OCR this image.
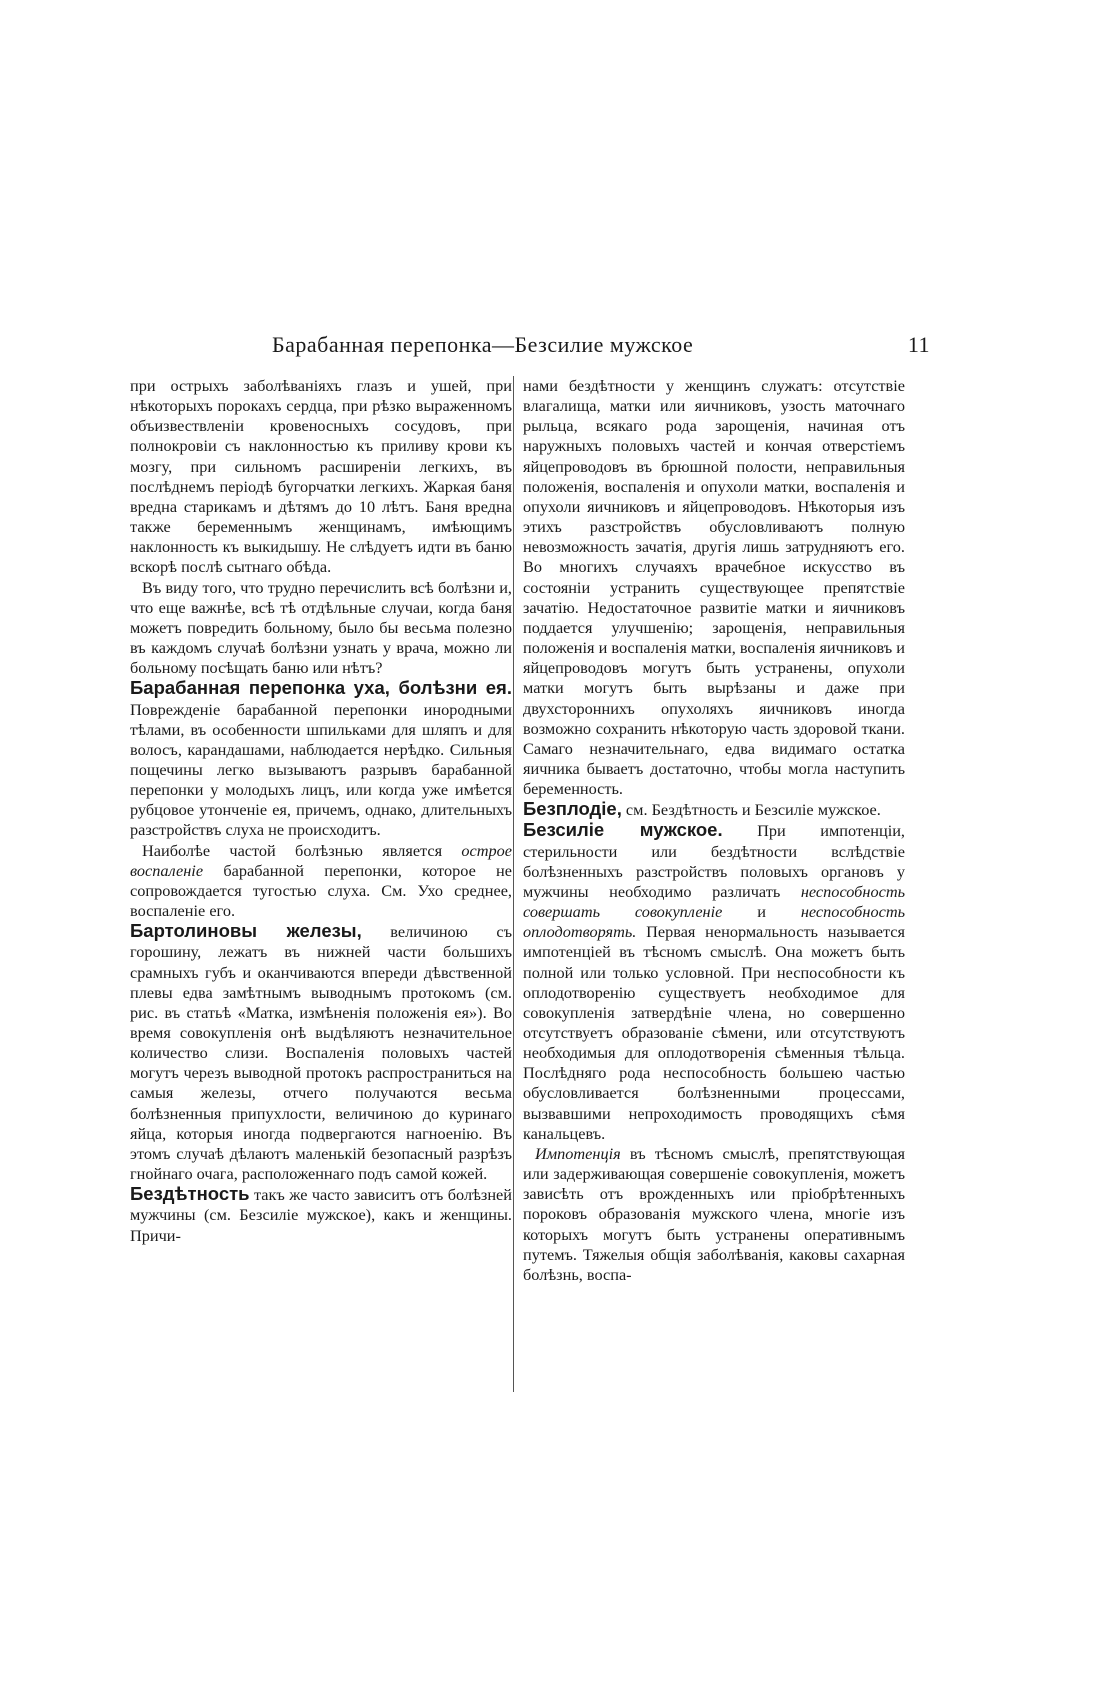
Барабанная перепонка—Безсилие мужское	11

при острыхъ заболѣваніяхъ глазъ и ушей, при нѣкоторыхъ порокахъ сердца, при рѣзко выраженномъ объизвествленіи кровеносныхъ сосудовъ, при полнокровіи съ наклонностью къ приливу крови къ мозгу, при сильномъ расширеніи легкихъ, въ послѣднемъ періодѣ бугорчатки легкихъ. Жаркая баня вредна старикамъ и дѣтямъ до 10 лѣтъ. Баня вредна также беременнымъ женщинамъ, имѣющимъ наклонность къ выкидышу. Не слѣдуетъ идти въ баню вскорѣ послѣ сытнаго обѣда.

Въ виду того, что трудно перечислить всѣ болѣзни и, что еще важнѣе, всѣ тѣ отдѣльные случаи, когда баня можетъ повредить больному, было бы весьма полезно въ каждомъ случаѣ болѣзни узнать у врача, можно ли больному посѣщать баню или нѣтъ?

Барабанная перепонка уха, болѣзни ея. Поврежденіе барабанной перепонки инородными тѣлами, въ особенности шпильками для шляпъ и для волосъ, карандашами, наблюдается нерѣдко. Сильныя пощечины легко вызываютъ разрывъ барабанной перепонки у молодыхъ лицъ, или когда уже имѣется рубцовое утонченіе ея, причемъ, однако, длительныхъ разстройствъ слуха не происходитъ.

Наиболѣе частой болѣзнью является острое воспаленіе барабанной перепонки, которое не сопровождается тугостью слуха. См. Ухо среднее, воспаленіе его.

Бартолиновы железы, величиною съ горошину, лежатъ въ нижней части большихъ срамныхъ губъ и оканчиваются впереди дѣвственной плевы едва замѣтнымъ выводнымъ протокомъ (см. рис. въ статьѣ «Матка, измѣненія положенія ея»). Во время совокупленія онѣ выдѣляютъ незначительное количество слизи. Воспаленія половыхъ частей могутъ черезъ выводной протокъ распространиться на самыя железы, отчего получаются весьма болѣзненныя припухлости, величиною до куринаго яйца, которыя иногда подвергаются нагноенію. Въ этомъ случаѣ дѣлаютъ маленькій безопасный разрѣзъ гнойнаго очага, расположеннаго подъ самой кожей.

Бездѣтность такъ же часто зависитъ отъ болѣзней мужчины (см. Безсиліе мужское), какъ и женщины. Причи-

нами бездѣтности у женщинъ служатъ: отсутствіе влагалища, матки или яичниковъ, узость маточнаго рыльца, всякаго рода зарощенія, начиная отъ наружныхъ половыхъ частей и кончая отверстіемъ яйцепроводовъ въ брюшной полости, неправильныя положенія, воспаленія и опухоли матки, воспаленія и опухоли яичниковъ и яйцепроводовъ. Нѣкоторыя изъ этихъ разстройствъ обусловливаютъ полную невозможность зачатія, другія лишь затрудняютъ его. Во многихъ случаяхъ врачебное искусство въ состояніи устранить существующее препятствіе зачатію. Недостаточное развитіе матки и яичниковъ поддается улучшенію; зарощенія, неправильныя положенія и воспаленія матки, воспаленія яичниковъ и яйцепроводовъ могутъ быть устранены, опухоли матки могутъ быть вырѣзаны и даже при двухстороннихъ опухоляхъ яичниковъ иногда возможно сохранить нѣкоторую часть здоровой ткани. Самаго незначительнаго, едва видимаго остатка яичника бываетъ достаточно, чтобы могла наступить беременность.

Безплодіе, см. Бездѣтность и Безсиліе мужское.

Безсиліе мужское. При импотенціи, стерильности или бездѣтности вслѣдствіе болѣзненныхъ разстройствъ половыхъ органовъ у мужчины необходимо различать неспособность совершать совокупленіе и неспособность оплодотворять. Первая ненормальность называется импотенціей въ тѣсномъ смыслѣ. Она можетъ быть полной или только условной. При неспособности къ оплодотворенію существуетъ необходимое для совокупленія затвердѣніе члена, но совершенно отсутствуетъ образованіе сѣмени, или отсутствуютъ необходимыя для оплодотворенія сѣменныя тѣльца. Послѣдняго рода неспособность большею частью обусловливается болѣзненными процессами, вызвавшими непроходимость проводящихъ сѣмя канальцевъ.

Импотенція въ тѣсномъ смыслѣ, препятствующая или задерживающая совершеніе совокупленія, можетъ зависѣть отъ врожденныхъ или пріобрѣтенныхъ пороковъ образованія мужского члена, многіе изъ которыхъ могутъ быть устранены оперативнымъ путемъ. Тяжелыя общія заболѣванія, каковы сахарная болѣзнь, воспа-
